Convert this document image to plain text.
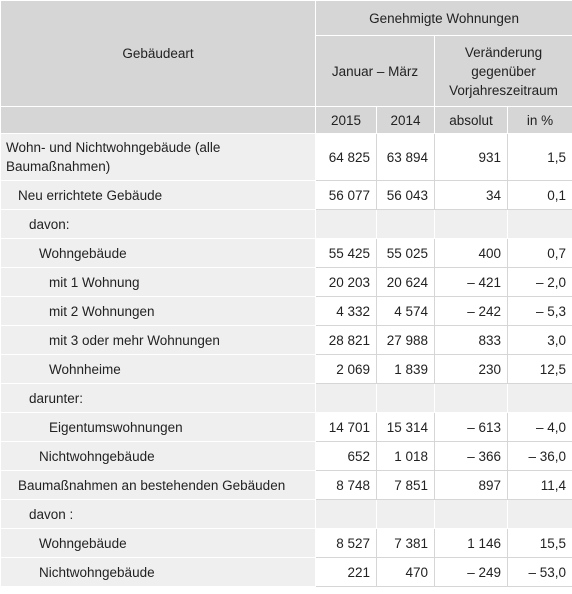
Gebäudeart	Genehmigte Wohnungen			
	Januar – März		Veränderung gegenüber Vorjahreszeitraum	
	2015	2014	absolut	in %
Wohn- und Nichtwohngebäude (alle Baumaßnahmen)	64 825	63 894	931	1,5
Neu errichtete Gebäude	56 077	56 043	34	0,1
davon:				
Wohngebäude	55 425	55 025	400	0,7
mit 1 Wohnung	20 203	20 624	– 421	– 2,0
mit 2 Wohnungen	4 332	4 574	– 242	– 5,3
mit 3 oder mehr Wohnungen	28 821	27 988	833	3,0
Wohnheime	2 069	1 839	230	12,5
darunter:				
Eigentumswohnungen	14 701	15 314	– 613	– 4,0
Nichtwohngebäude	652	1 018	– 366	– 36,0
Baumaßnahmen an bestehenden Gebäuden	8 748	7 851	897	11,4
davon :				
Wohngebäude	8 527	7 381	1 146	15,5
Nichtwohngebäude	221	470	– 249	– 53,0
